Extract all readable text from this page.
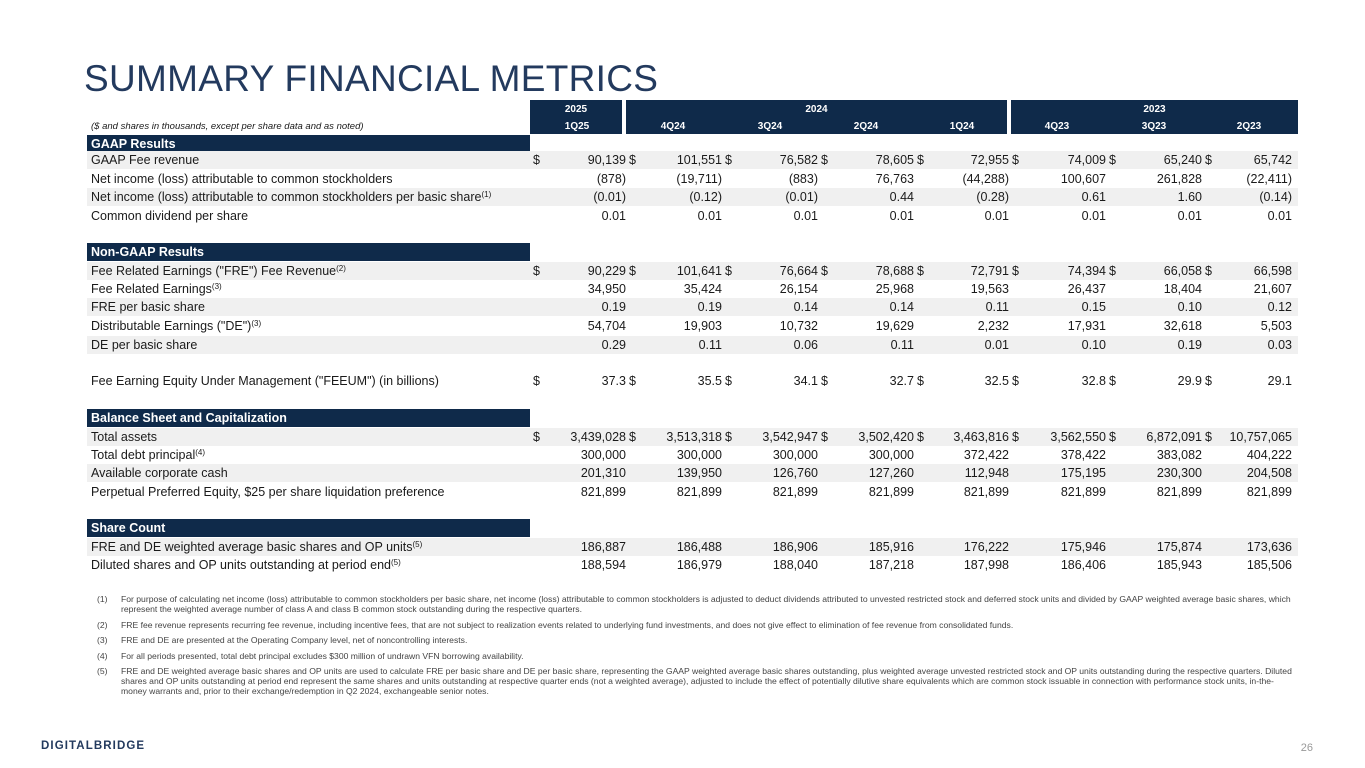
SUMMARY FINANCIAL METRICS
2025	2024	2023
($ and shares in thousands, except per share data and as noted)	1Q25	4Q24	3Q24	2Q24	1Q24	4Q23	3Q23	2Q23
GAAP Results
GAAP Fee revenue	$	90,139 $	101,551 $	76,582 $	78,605 $	72,955 $	74,009 $	65,240 $	65,742
Net income (loss) attributable to common stockholders	(878)	(19,711)	(883)	76,763	(44,288)	100,607	261,828	(22,411)
Net income (loss) attributable to common stockholders per basic share$^{(1)}$	(0.01)	(0.12)	(0.01)	0.44	(0.28)	0.61	1.60	(0.14)
Common dividend per share	0.01	0.01	0.01	0.01	0.01	0.01	0.01	0.01
Non-GAAP Results
Fee Related Earnings ("FRE") Fee Revenue$^{(2)}$	$	90,229 $	101,641 $	76,664 $	78,688 $	72,791 $	74,394 $	66,058 $	66,598
Fee Related Earnings$^{(3)}$	34,950	35,424	26,154	25,968	19,563	26,437	18,404	21,607
FRE per basic share	0.19	0.19	0.14	0.14	0.11	0.15	0.10	0.12
Distributable Earnings ("DE")$^{(3)}$	54,704	19,903	10,732	19,629	2,232	17,931	32,618	5,503
DE per basic share	0.29	0.11	0.06	0.11	0.01	0.10	0.19	0.03
Fee Earning Equity Under Management ("FEEUM") (in billions)	$	37.3 $	35.5 $	34.1 $	32.7 $	32.5 $	32.8 $	29.9 $	29.1
Balance Sheet and Capitalization
Total assets	$ 3,439,028 $ 3,513,318 $ 3,542,947 $ 3,502,420 $ 3,463,816 $	3,562,550 $ 6,872,091 $ 10,757,065
Total debt principal$^{(4)}$	300,000	300,000	300,000	300,000	372,422	378,422	383,082	404,222
Available corporate cash	201,310	139,950	126,760	127,260	112,948	175,195	230,300	204,508
Perpetual Preferred Equity, $25 per share liquidation preference	821,899	821,899	821,899	821,899	821,899	821,899	821,899	821,899
Share Count
FRE and DE weighted average basic shares and OP units$^{(5)}$	186,887	186,488	186,906	185,916	176,222	175,946	175,874	173,636
Diluted shares and OP units outstanding at period end$^{(5)}$	188,594	186,979	188,040	187,218	187,998	186,406	185,943	185,506
(1) For purpose of calculating net income (loss) attributable to common stockholders per basic share, net income (loss) attributable to common stockholders is adjusted to deduct dividends attributed to unvested restricted stock and deferred stock units and divided by GAAP weighted average basic shares, which represent the weighted average number of class A and class B common stock outstanding during the respective quarters.
(2) FRE fee revenue represents recurring fee revenue, including incentive fees, that are not subject to realization events related to underlying fund investments, and does not give effect to elimination of fee revenue from consolidated funds.
(3) FRE and DE are presented at the Operating Company level, net of noncontrolling interests.
(4) For all periods presented, total debt principal excludes $300 million of undrawn VFN borrowing availability.
(5) FRE and DE weighted average basic shares and OP units are used to calculate FRE per basic share and DE per basic share, representing the GAAP weighted average basic shares outstanding, plus weighted average unvested restricted stock and OP units outstanding during the respective quarters. Diluted shares and OP units outstanding at period end represent the same shares and units outstanding at respective quarter ends (not a weighted average), adjusted to include the effect of potentially dilutive share equivalents which are common stock issuable in connection with performance stock units, in-the-money warrants and, prior to their exchange/redemption in Q2 2024, exchangeable senior notes.
DIGITALBRIDGE	26
